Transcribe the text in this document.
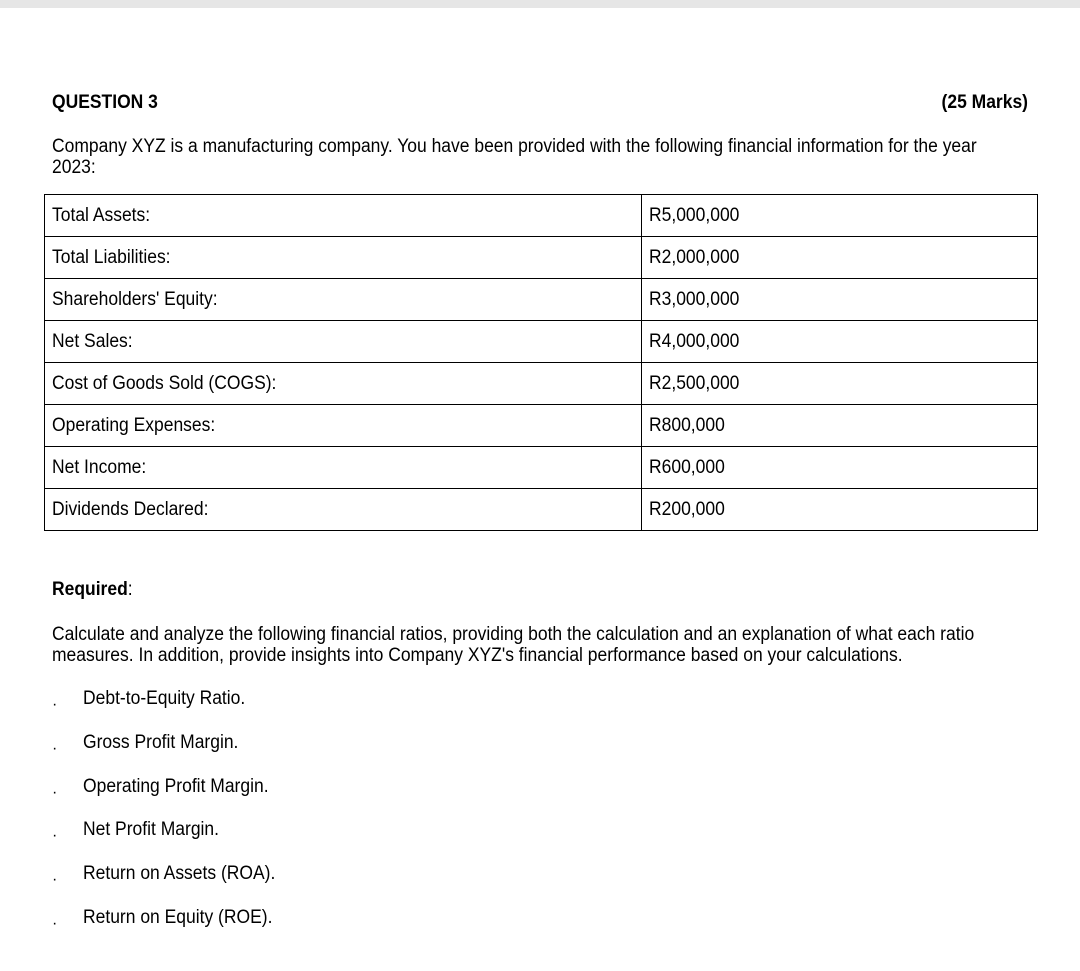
QUESTION 3	(25 Marks)
Company XYZ is a manufacturing company. You have been provided with the following financial information for the year 2023:
Total Assets:	R5,000,000
Total Liabilities:	R2,000,000
Shareholders' Equity:	R3,000,000
Net Sales:	R4,000,000
Cost of Goods Sold (COGS):	R2,500,000
Operating Expenses:	R800,000
Net Income:	R600,000
Dividends Declared:	R200,000
Required:
Calculate and analyze the following financial ratios, providing both the calculation and an explanation of what each ratio measures. In addition, provide insights into Company XYZ's financial performance based on your calculations.
· Debt-to-Equity Ratio.
· Gross Profit Margin.
· Operating Profit Margin.
· Net Profit Margin.
· Return on Assets (ROA).
· Return on Equity (ROE).
